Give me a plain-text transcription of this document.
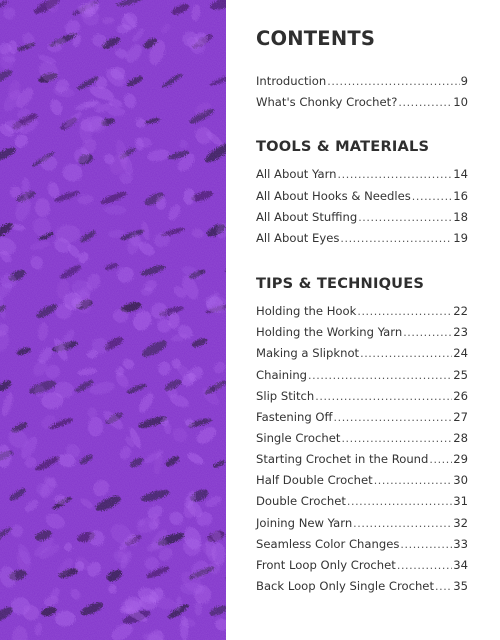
CONTENTS
Introduction .....	9
What's Chonky Crochet? .....	10
TOOLS & MATERIALS
All About Yarn .....	14
All About Hooks & Needles .....	16
All About Stuffing .....	18
All About Eyes .....	19
TIPS & TECHNIQUES
Holding the Hook .....	22
Holding the Working Yarn .....	23
Making a Slipknot .....	24
Chaining .....	25
Slip Stitch .....	26
Fastening Off .....	27
Single Crochet .....	28
Starting Crochet in the Round ..... 29
Half Double Crochet .....	30
Double Crochet .....	31
Joining New Yarn .....	32
Seamless Color Changes .....	33
Front Loop Only Crochet .....	34
Back Loop Only Single Crochet ..... 35
